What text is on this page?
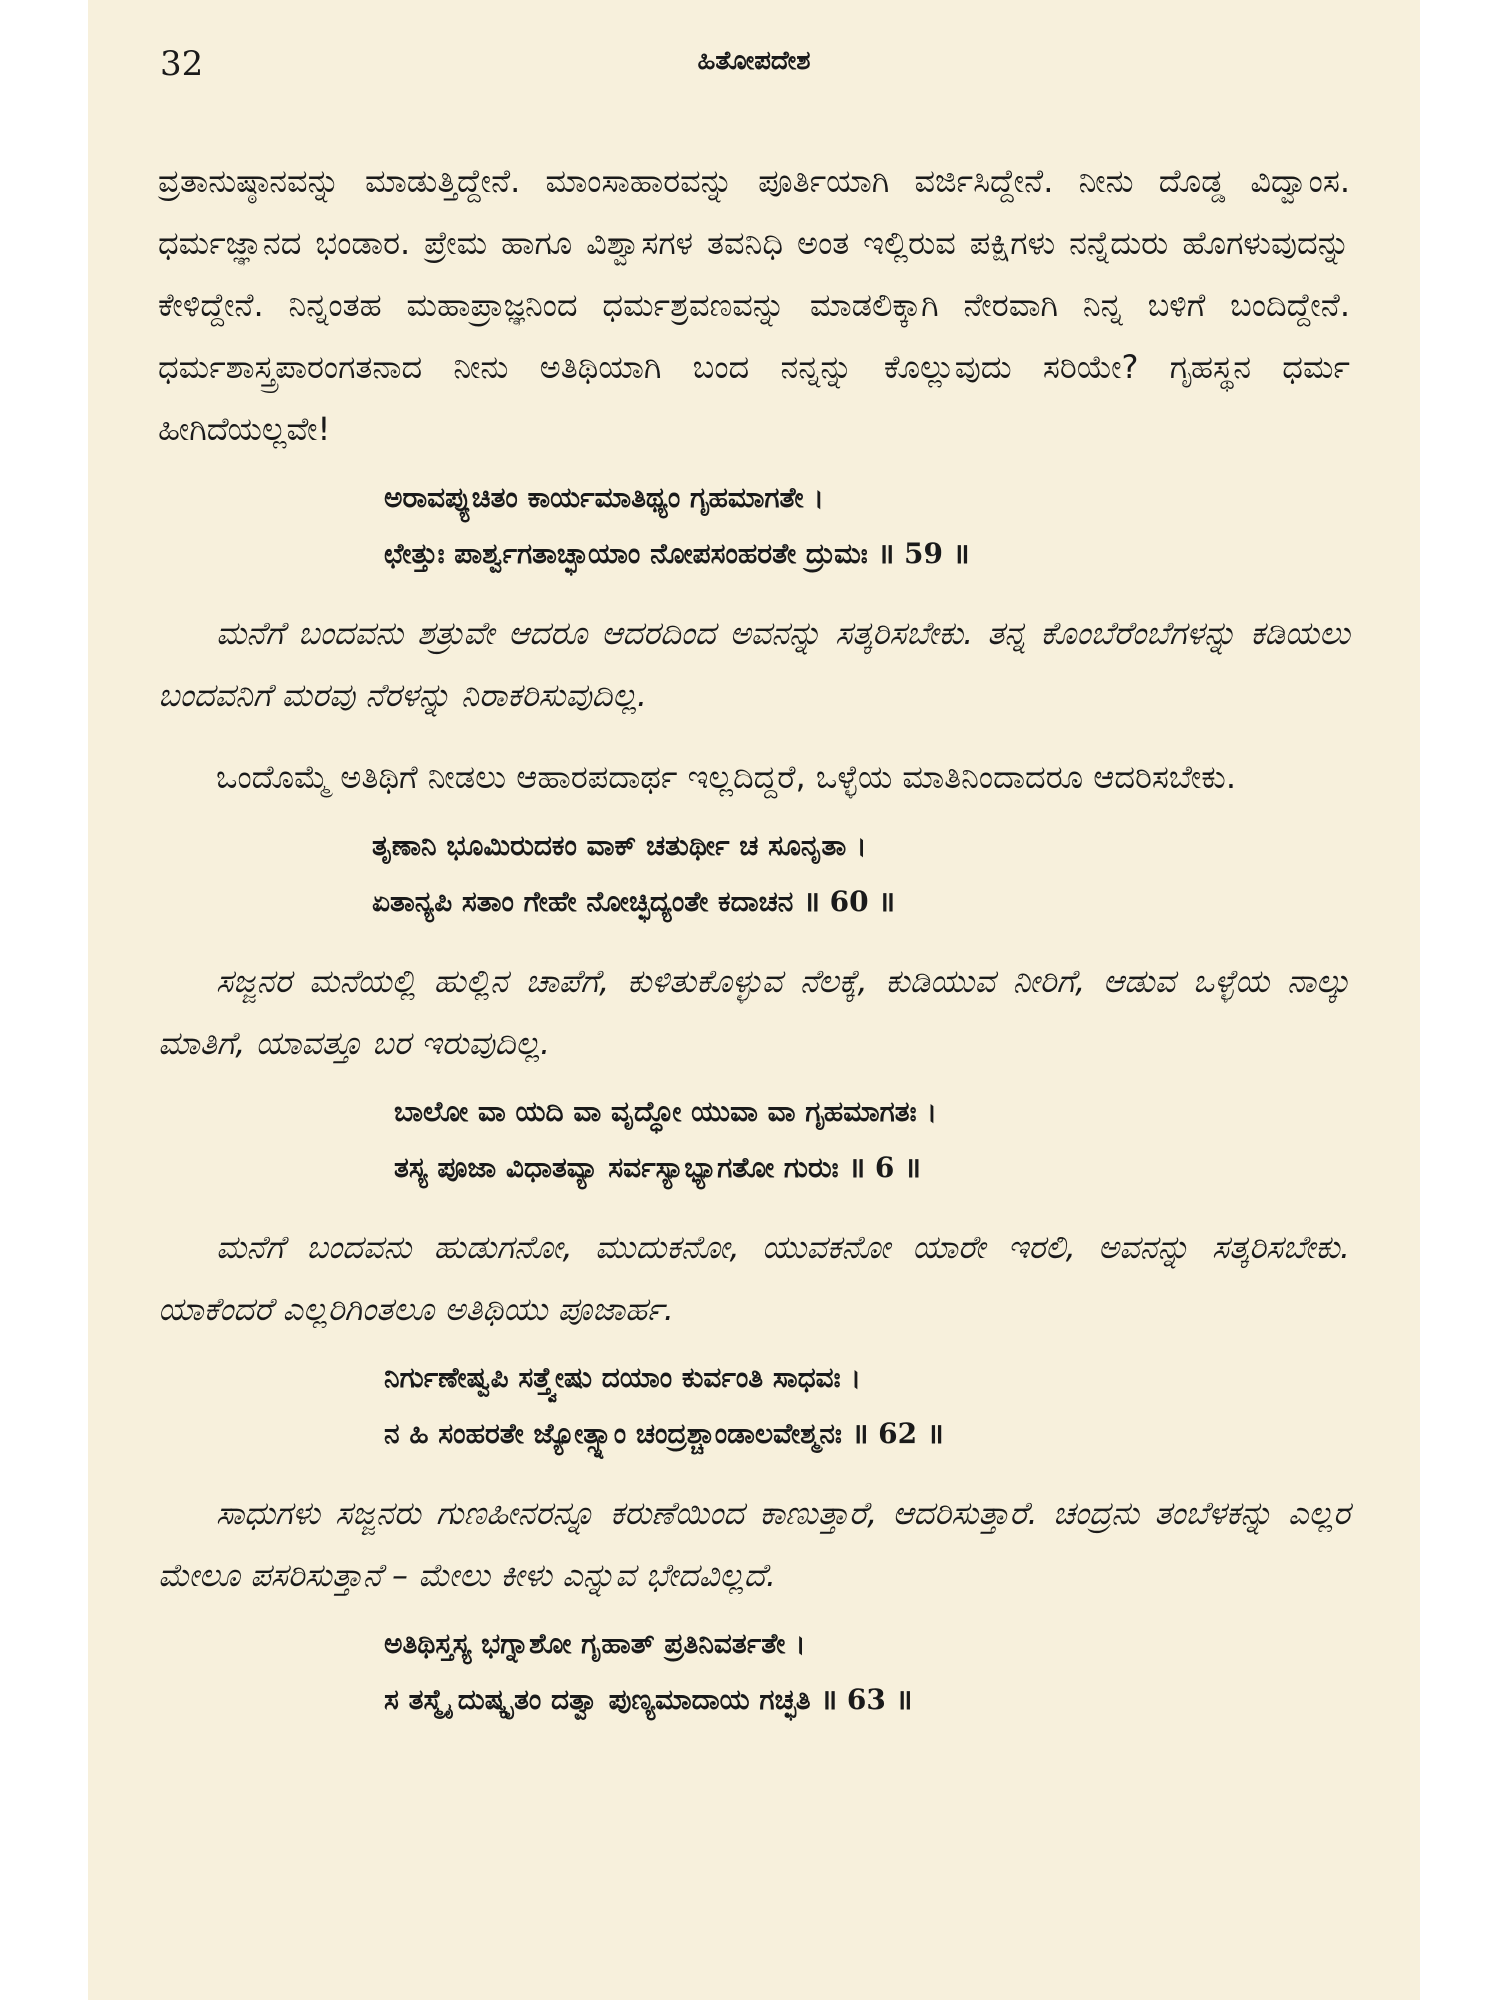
32	ಹಿತೋಪದೇಶ

ವ್ರತಾನುಷ್ಠಾನವನ್ನು ಮಾಡುತ್ತಿದ್ದೇನೆ. ಮಾಂಸಾಹಾರವನ್ನು ಪೂರ್ತಿಯಾಗಿ ವರ್ಜಿಸಿದ್ದೇನೆ. ನೀನು ದೊಡ್ಡ ವಿದ್ವಾಂಸ. ಧರ್ಮಜ್ಞಾನದ ಭಂಡಾರ. ಪ್ರೇಮ ಹಾಗೂ ವಿಶ್ವಾಸಗಳ ತವನಿಧಿ ಅಂತ ಇಲ್ಲಿರುವ ಪಕ್ಷಿಗಳು ನನ್ನೆದುರು ಹೊಗಳುವುದನ್ನು ಕೇಳಿದ್ದೇನೆ. ನಿನ್ನಂತಹ ಮಹಾಪ್ರಾಜ್ಞನಿಂದ ಧರ್ಮಶ್ರವಣವನ್ನು ಮಾಡಲಿಕ್ಕಾಗಿ ನೇರವಾಗಿ ನಿನ್ನ ಬಳಿಗೆ ಬಂದಿದ್ದೇನೆ. ಧರ್ಮಶಾಸ್ತ್ರಪಾರಂಗತನಾದ ನೀನು ಅತಿಥಿಯಾಗಿ ಬಂದ ನನ್ನನ್ನು ಕೊಲ್ಲುವುದು ಸರಿಯೇ? ಗೃಹಸ್ಥನ ಧರ್ಮ ಹೀಗಿದೆಯಲ್ಲವೇ!

ಅರಾವಪ್ಯುಚಿತಂ ಕಾರ್ಯಮಾತಿಥ್ಯಂ ಗೃಹಮಾಗತೇ ।
ಛೇತ್ತುಃ ಪಾರ್ಶ್ವಗತಾಚ್ಛಾಯಾಂ ನೋಪಸಂಹರತೇ ದ್ರುಮಃ ॥ 59 ॥

ಮನೆಗೆ ಬಂದವನು ಶತ್ರುವೇ ಆದರೂ ಆದರದಿಂದ ಅವನನ್ನು ಸತ್ಕರಿಸಬೇಕು. ತನ್ನ ಕೊಂಬೆರೆಂಬೆಗಳನ್ನು ಕಡಿಯಲು ಬಂದವನಿಗೆ ಮರವು ನೆರಳನ್ನು ನಿರಾಕರಿಸುವುದಿಲ್ಲ.

ಒಂದೊಮ್ಮೆ ಅತಿಥಿಗೆ ನೀಡಲು ಆಹಾರಪದಾರ್ಥ ಇಲ್ಲದಿದ್ದರೆ, ಒಳ್ಳೆಯ ಮಾತಿನಿಂದಾದರೂ ಆದರಿಸಬೇಕು.

ತೃಣಾನಿ ಭೂಮಿರುದಕಂ ವಾಕ್ ಚತುರ್ಥೀ ಚ ಸೂನೃತಾ ।
ಏತಾನ್ಯಪಿ ಸತಾಂ ಗೇಹೇ ನೋಚ್ಛಿದ್ಯಂತೇ ಕದಾಚನ ॥ 60 ॥

ಸಜ್ಜನರ ಮನೆಯಲ್ಲಿ ಹುಲ್ಲಿನ ಚಾಪೆಗೆ, ಕುಳಿತುಕೊಳ್ಳುವ ನೆಲಕ್ಕೆ, ಕುಡಿಯುವ ನೀರಿಗೆ, ಆಡುವ ಒಳ್ಳೆಯ ನಾಲ್ಕು ಮಾತಿಗೆ, ಯಾವತ್ತೂ ಬರ ಇರುವುದಿಲ್ಲ.

ಬಾಲೋ ವಾ ಯದಿ ವಾ ವೃದ್ಧೋ ಯುವಾ ವಾ ಗೃಹಮಾಗತಃ ।
ತಸ್ಯ ಪೂಜಾ ವಿಧಾತವ್ಯಾ ಸರ್ವಸ್ಯಾಭ್ಯಾಗತೋ ಗುರುಃ ॥ 6 ॥

ಮನೆಗೆ ಬಂದವನು ಹುಡುಗನೋ, ಮುದುಕನೋ, ಯುವಕನೋ ಯಾರೇ ಇರಲಿ, ಅವನನ್ನು ಸತ್ಕರಿಸಬೇಕು. ಯಾಕೆಂದರೆ ಎಲ್ಲರಿಗಿಂತಲೂ ಅತಿಥಿಯು ಪೂಜಾರ್ಹ.

ನಿರ್ಗುಣೇಷ್ವಪಿ ಸತ್ತ್ವೇಷು ದಯಾಂ ಕುರ್ವಂತಿ ಸಾಧವಃ ।
ನ ಹಿ ಸಂಹರತೇ ಜ್ಯೋತ್ಸ್ನಾಂ ಚಂದ್ರಶ್ಚಾಂಡಾಲವೇಶ್ಮನಃ ॥ 62 ॥

ಸಾಧುಗಳು ಸಜ್ಜನರು ಗುಣಹೀನರನ್ನೂ ಕರುಣೆಯಿಂದ ಕಾಣುತ್ತಾರೆ, ಆದರಿಸುತ್ತಾರೆ. ಚಂದ್ರನು ತಂಬೆಳಕನ್ನು ಎಲ್ಲರ ಮೇಲೂ ಪಸರಿಸುತ್ತಾನೆ – ಮೇಲು ಕೀಳು ಎನ್ನುವ ಭೇದವಿಲ್ಲದೆ.

ಅತಿಥಿಸ್ತಸ್ಯ ಭಗ್ನಾಶೋ ಗೃಹಾತ್ ಪ್ರತಿನಿವರ್ತತೇ ।
ಸ ತಸ್ಮೈ ದುಷ್ಕೃತಂ ದತ್ವಾ ಪುಣ್ಯಮಾದಾಯ ಗಚ್ಛತಿ ॥ 63 ॥
